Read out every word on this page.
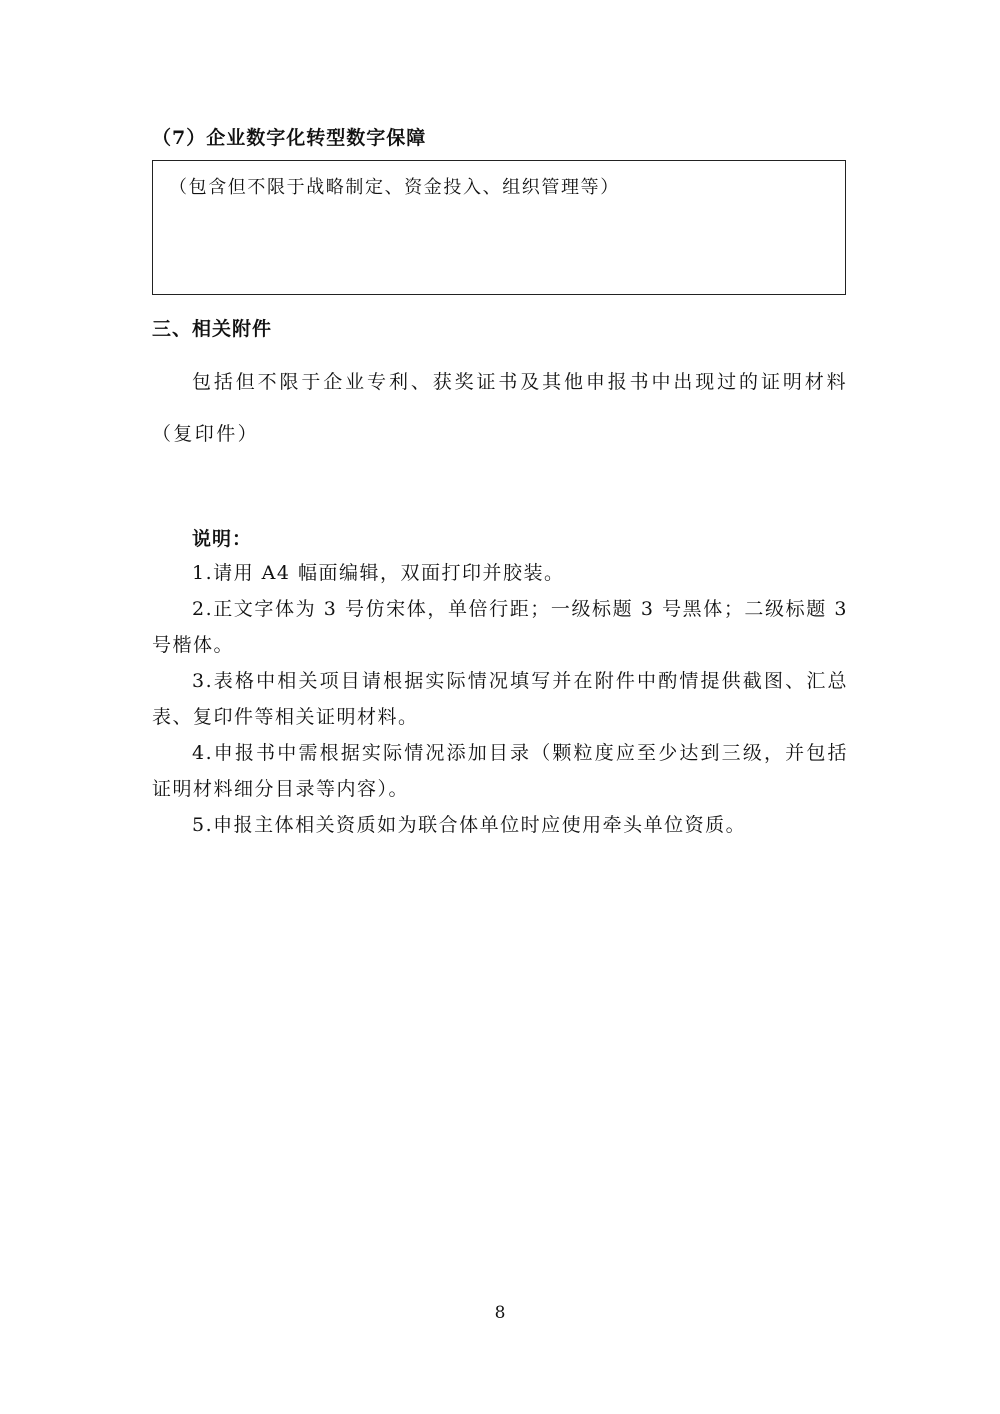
（7）企业数字化转型数字保障
（包含但不限于战略制定、资金投入、组织管理等）
三、相关附件

包括但不限于企业专利、获奖证书及其他申报书中出现过的证明材料（复印件）

说明：
1.请用 A4 幅面编辑，双面打印并胶装。
2.正文字体为 3 号仿宋体，单倍行距；一级标题 3 号黑体；二级标题 3 号楷体。
3.表格中相关项目请根据实际情况填写并在附件中酌情提供截图、汇总表、复印件等相关证明材料。
4.申报书中需根据实际情况添加目录（颗粒度应至少达到三级，并包括证明材料细分目录等内容）。
5.申报主体相关资质如为联合体单位时应使用牵头单位资质。
8
